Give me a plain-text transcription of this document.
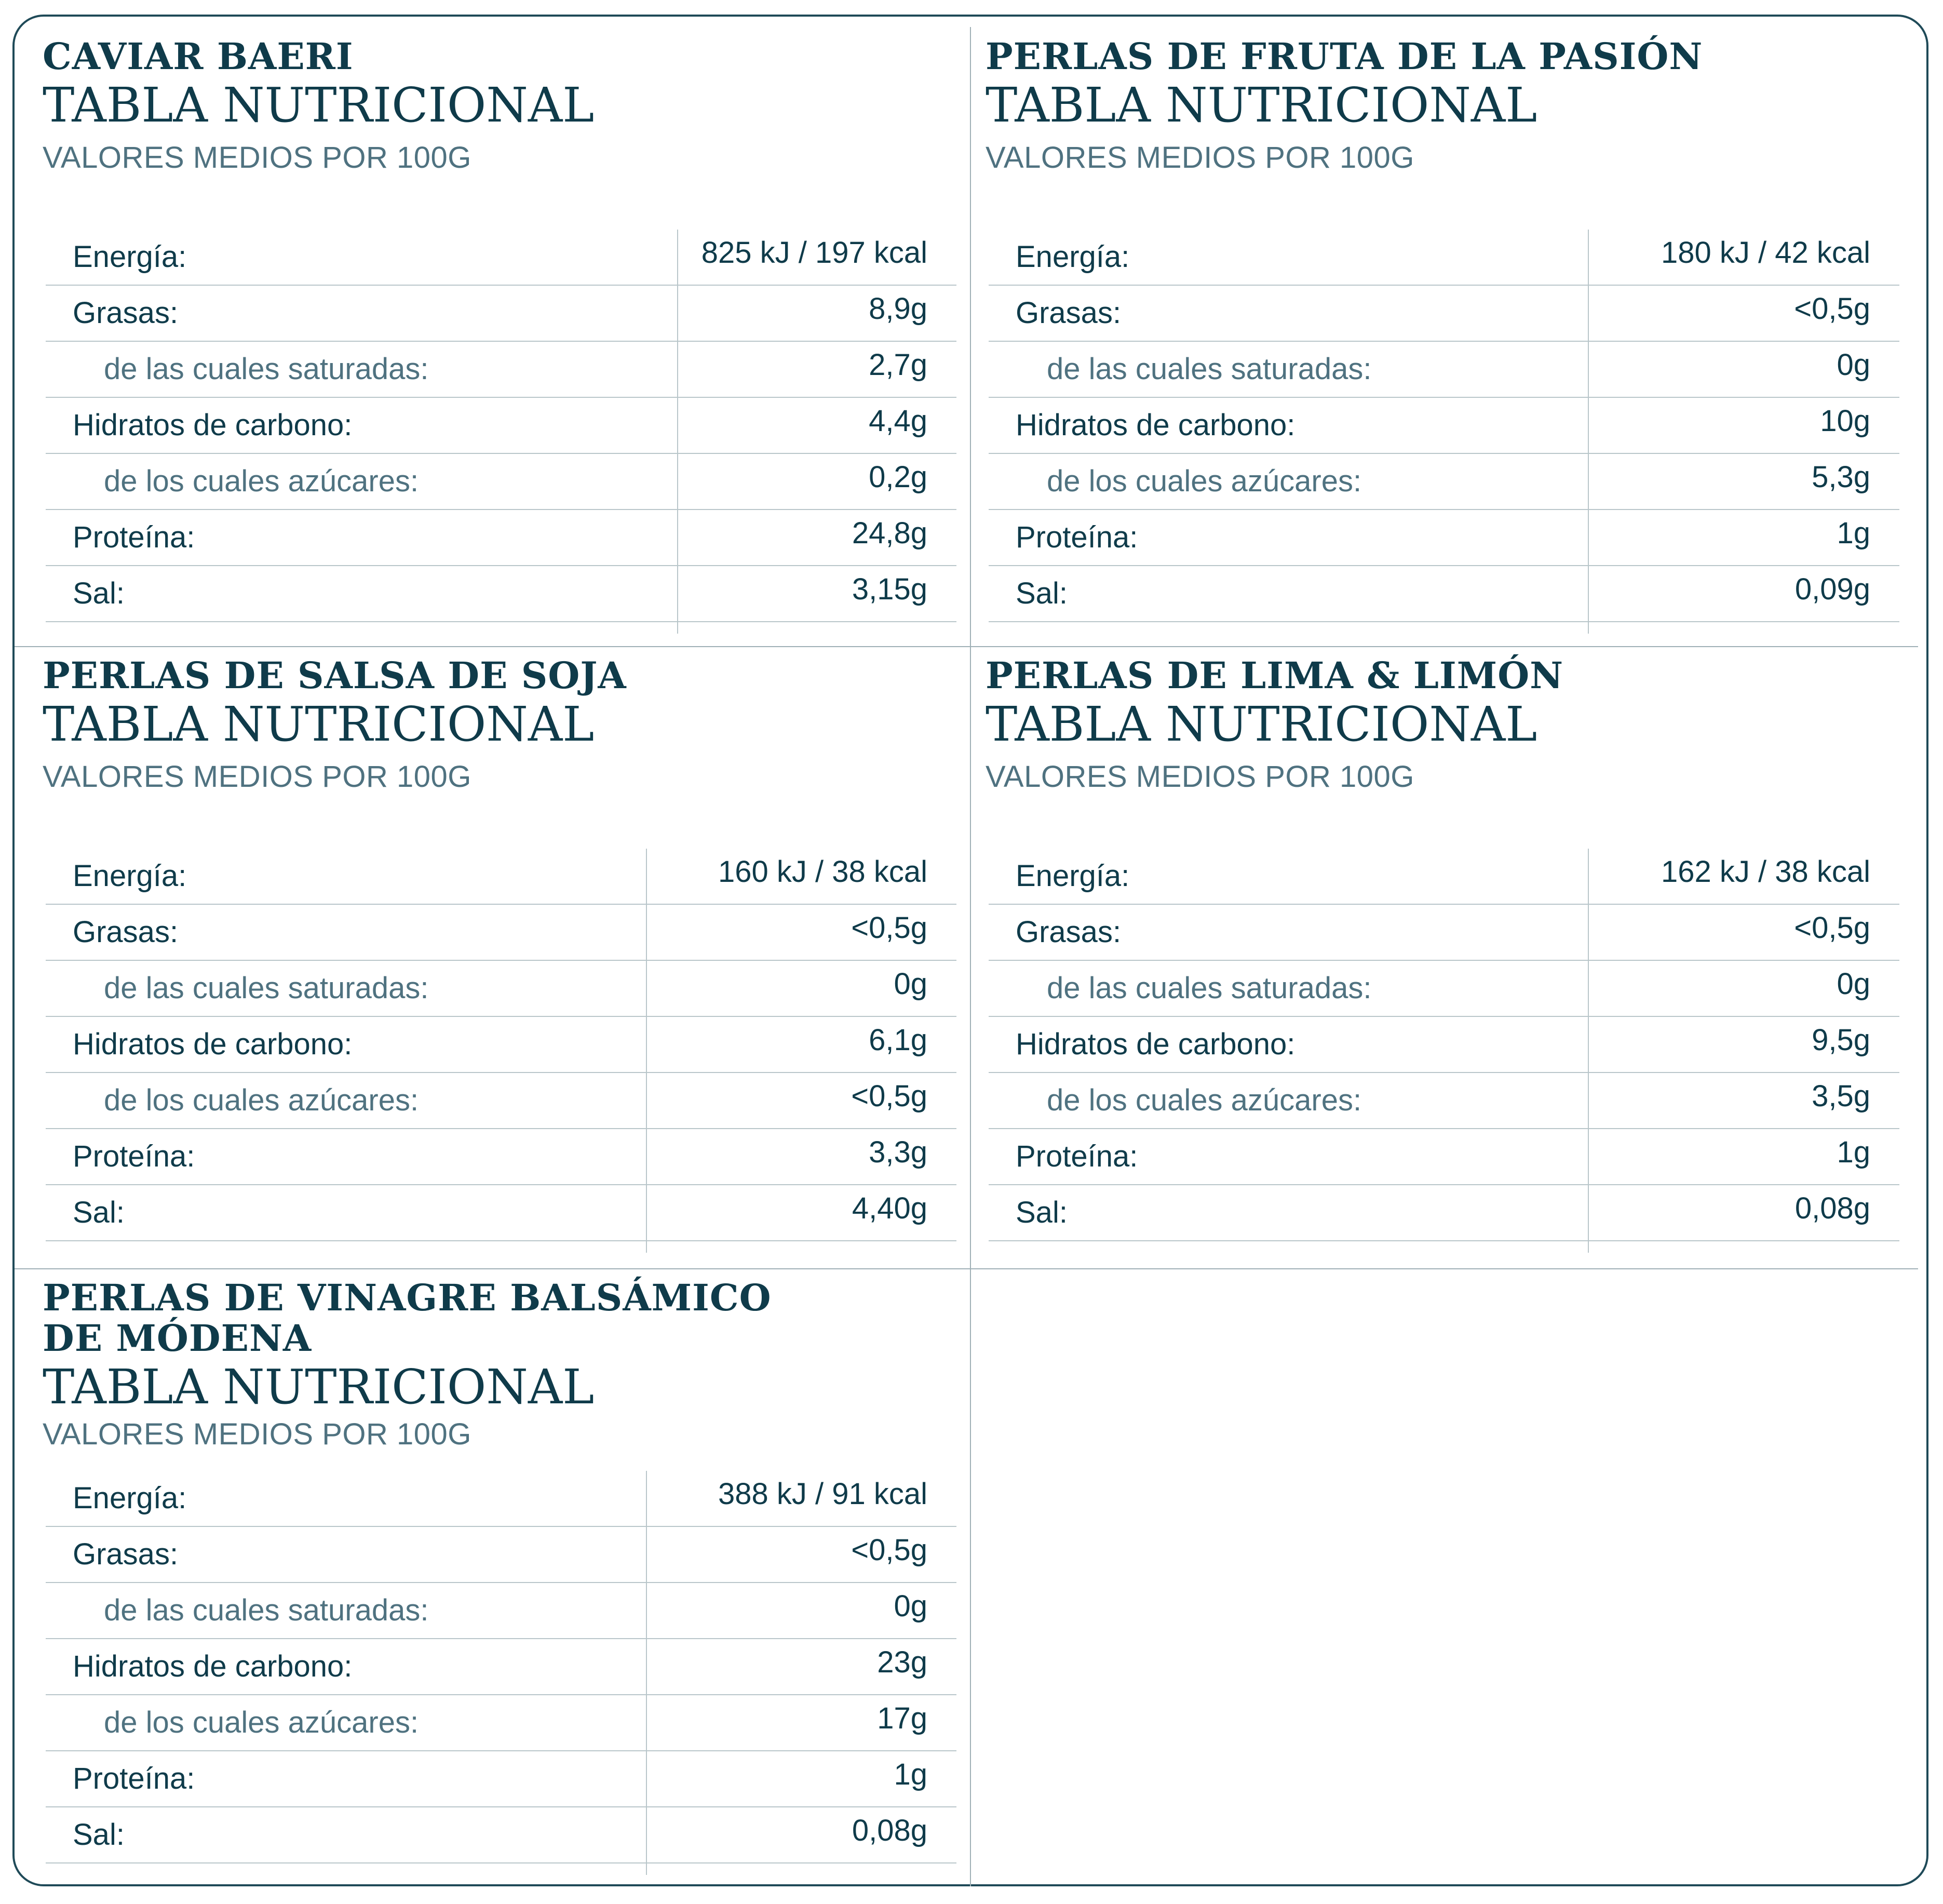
CAVIAR BAERI
TABLA NUTRICIONAL

VALORES MEDIOS POR 100G

Energía:	825 kJ / 197 kcal
Grasas:	8,9g
de las cuales saturadas:	2,7g
Hidratos de carbono:	4,4g
de los cuales azúcares:	0,2g
Proteína:	24,8g
Sal:	3,15g
PERLAS DE FRUTA DE LA PASIÓN
TABLA NUTRICIONAL

VALORES MEDIOS POR 100G

Energía:	180 kJ / 42 kcal
Grasas:	<0,5g
de las cuales saturadas:	0g
Hidratos de carbono:	10g
de los cuales azúcares:	5,3g
Proteína:	1g
Sal:	0,09g
PERLAS DE SALSA DE SOJA
TABLA NUTRICIONAL

VALORES MEDIOS POR 100G

Energía:	160 kJ / 38 kcal
Grasas:	<0,5g
de las cuales saturadas:	0g
Hidratos de carbono:	6,1g
de los cuales azúcares:	<0,5g
Proteína:	3,3g
Sal:	4,40g
PERLAS DE LIMA & LIMÓN
TABLA NUTRICIONAL

VALORES MEDIOS POR 100G

Energía:	162 kJ / 38 kcal
Grasas:	<0,5g
de las cuales saturadas:	0g
Hidratos de carbono:	9,5g
de los cuales azúcares:	3,5g
Proteína:	1g
Sal:	0,08g
PERLAS DE VINAGRE BALSÁMICO
DE MÓDENA
TABLA NUTRICIONAL

VALORES MEDIOS POR 100G

Energía:	388 kJ / 91 kcal
Grasas:	<0,5g
de las cuales saturadas:	0g
Hidratos de carbono:	23g
de los cuales azúcares:	17g
Proteína:	1g
Sal:	0,08g
